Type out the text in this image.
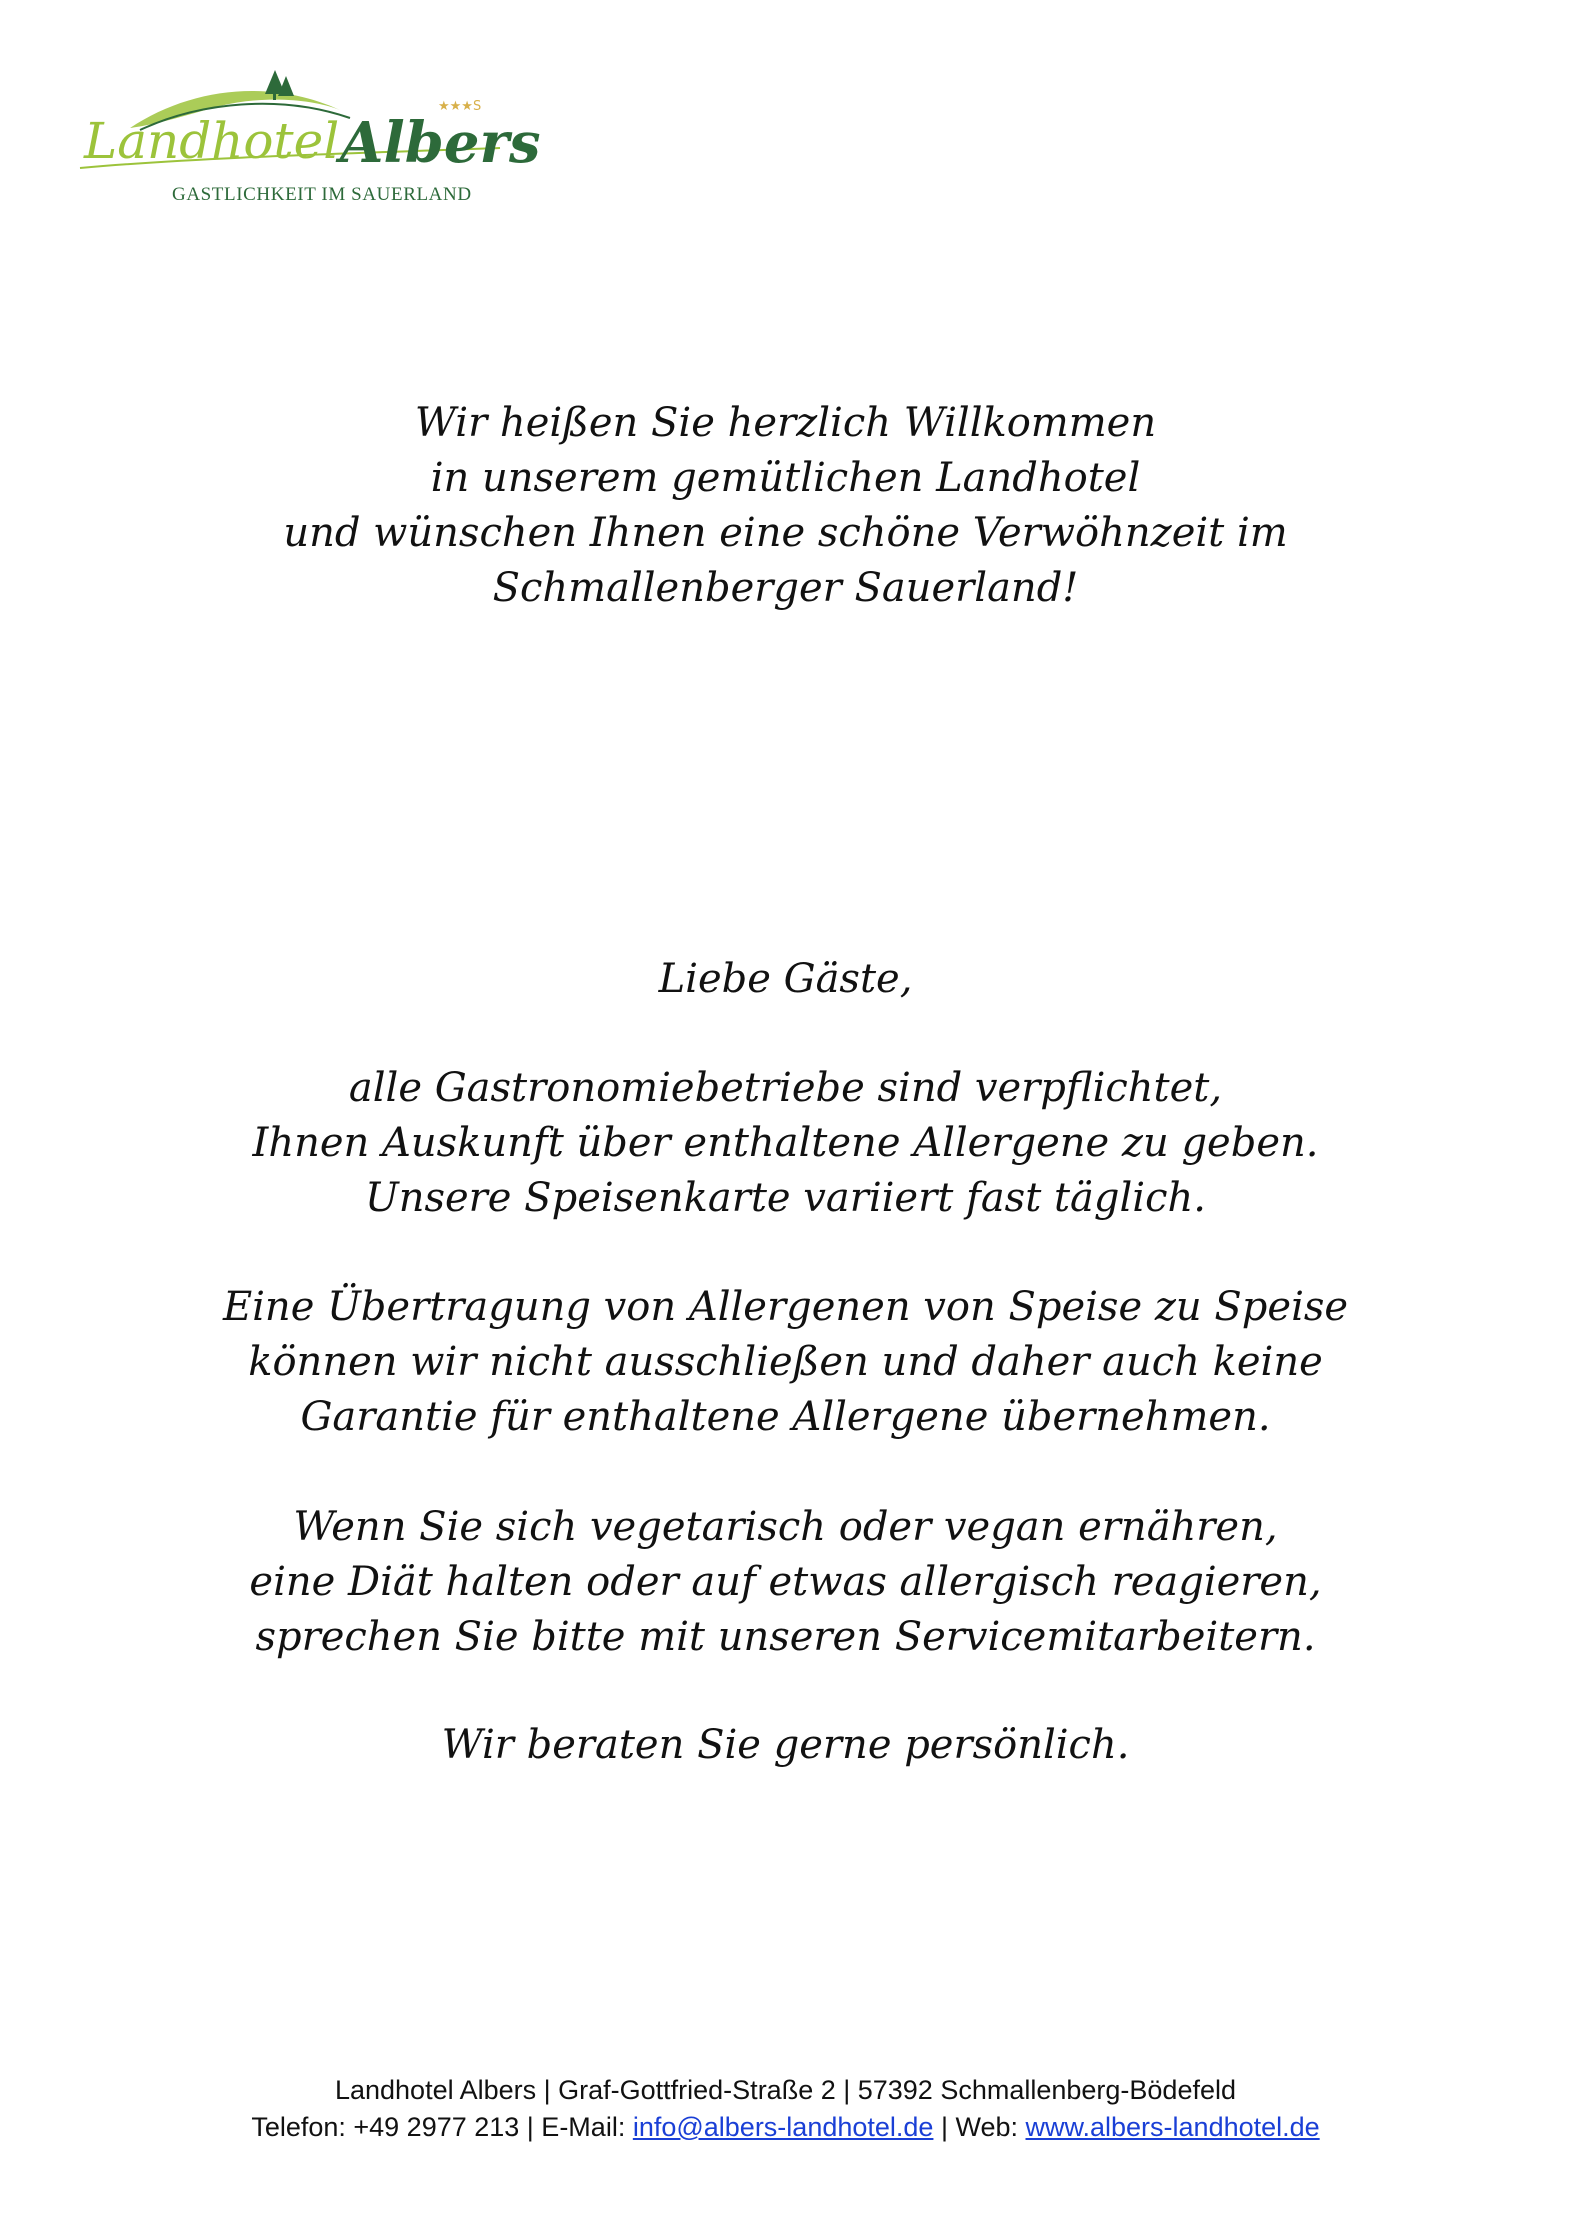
Landhotel Albers
★★★S
GASTLICHKEIT IM SAUERLAND
Wir heißen Sie herzlich Willkommen
in unserem gemütlichen Landhotel
und wünschen Ihnen eine schöne Verwöhnzeit im
Schmallenberger Sauerland!
Liebe Gäste,
alle Gastronomiebetriebe sind verpflichtet,
Ihnen Auskunft über enthaltene Allergene zu geben.
Unsere Speisenkarte variiert fast täglich.
Eine Übertragung von Allergenen von Speise zu Speise
können wir nicht ausschließen und daher auch keine
Garantie für enthaltene Allergene übernehmen.
Wenn Sie sich vegetarisch oder vegan ernähren,
eine Diät halten oder auf etwas allergisch reagieren,
sprechen Sie bitte mit unseren Servicemitarbeitern.
Wir beraten Sie gerne persönlich.
Landhotel Albers | Graf-Gottfried-Straße 2 | 57392 Schmallenberg-Bödefeld
Telefon: +49 2977 213 | E-Mail: info@albers-landhotel.de | Web: www.albers-landhotel.de
